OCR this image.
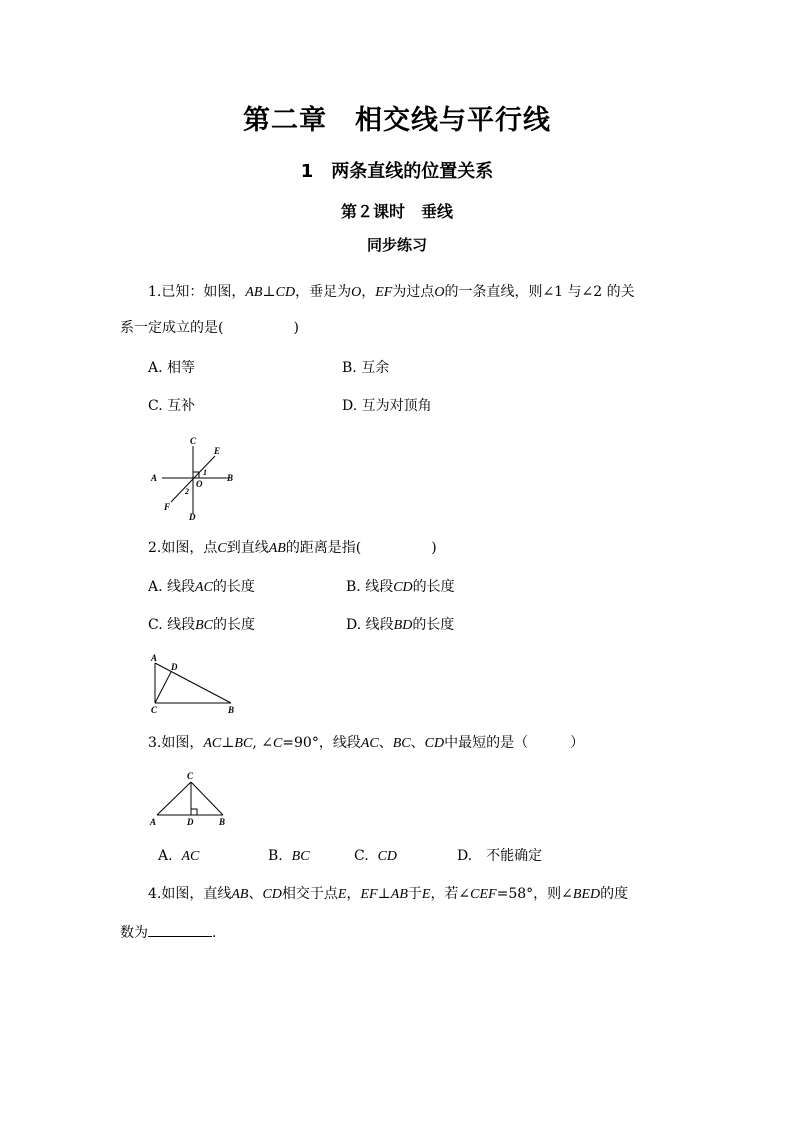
第二章　相交线与平行线
1　两条直线的位置关系
第２课时　垂线
同步练习
1.已知：如图，AB⊥CD，垂足为O，EF为过点O的一条直线，则∠1 与∠2 的关
系一定成立的是(　　　　　)
A. 相等	B. 互余
C. 互补	D. 互为对顶角
C
E
A
O
B
1
2
F
D
2.如图，点C到直线AB的距离是指(　　　　　)
A. 线段AC的长度	B. 线段CD的长度
C. 线段BC的长度	D. 线段BD的长度
A
D
C	B
3.如图，AC⊥BC, ∠C=90°，线段AC、BC、CD中最短的是（　　　）
C
A	D	B
A. AC	B. BC	C. CD	D.　不能确定
4.如图，直线AB、CD相交于点E，EF⊥AB于E，若∠CEF=58°，则∠BED的度
数为	.
